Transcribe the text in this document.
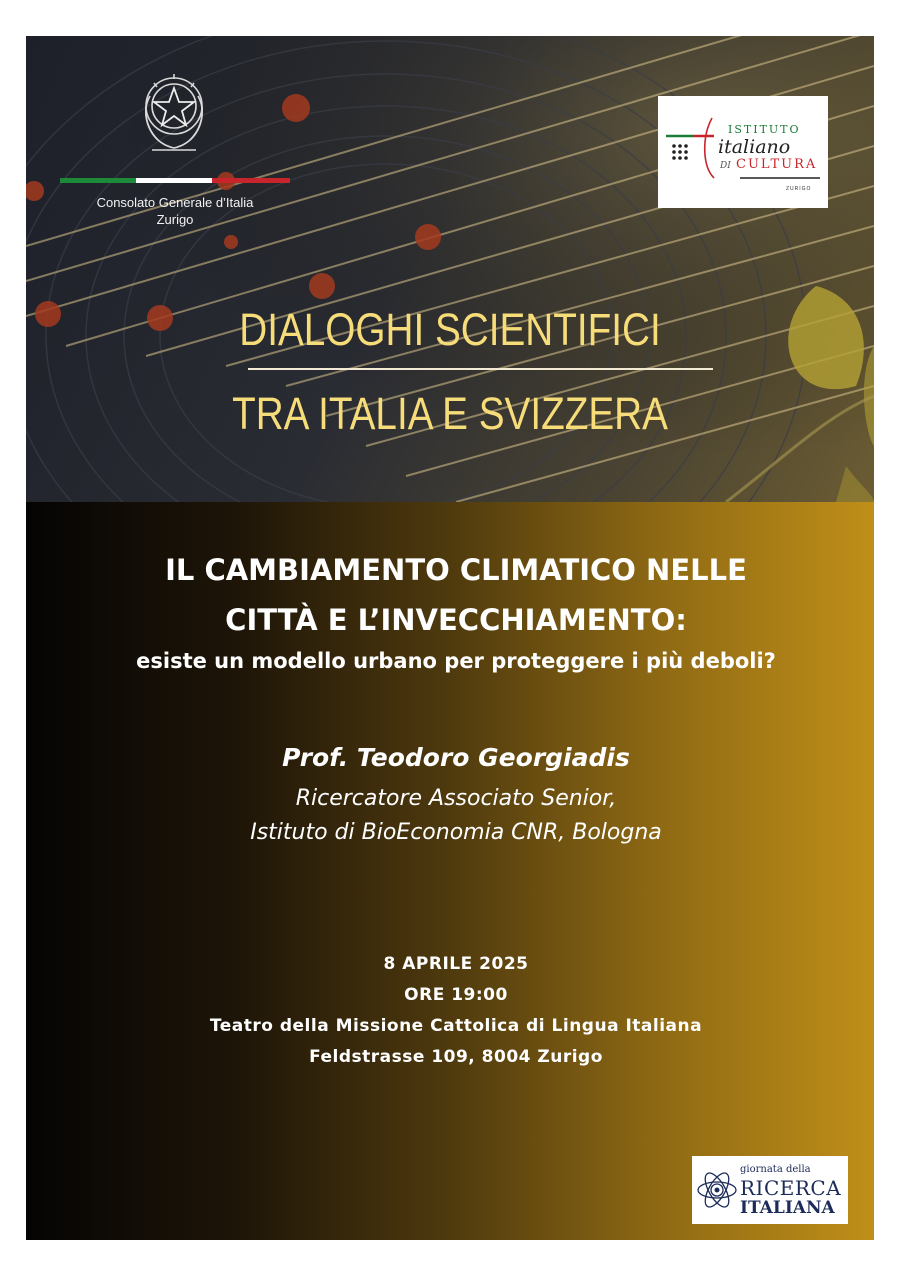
Consolato Generale d’Italia
Zurigo
ISTITUTO
italiano
DI CULTURA
ZURIGO
DIALOGHI SCIENTIFICI
TRA ITALIA E SVIZZERA
IL CAMBIAMENTO CLIMATICO NELLE
CITTÀ E L’INVECCHIAMENTO:
esiste un modello urbano per proteggere i più deboli?
Prof. Teodoro Georgiadis
Ricercatore Associato Senior,
Istituto di BioEconomia CNR, Bologna
8 APRILE 2025
ORE 19:00
Teatro della Missione Cattolica di Lingua Italiana
Feldstrasse 109, 8004 Zurigo
giornata della
RICERCA
ITALIANA
